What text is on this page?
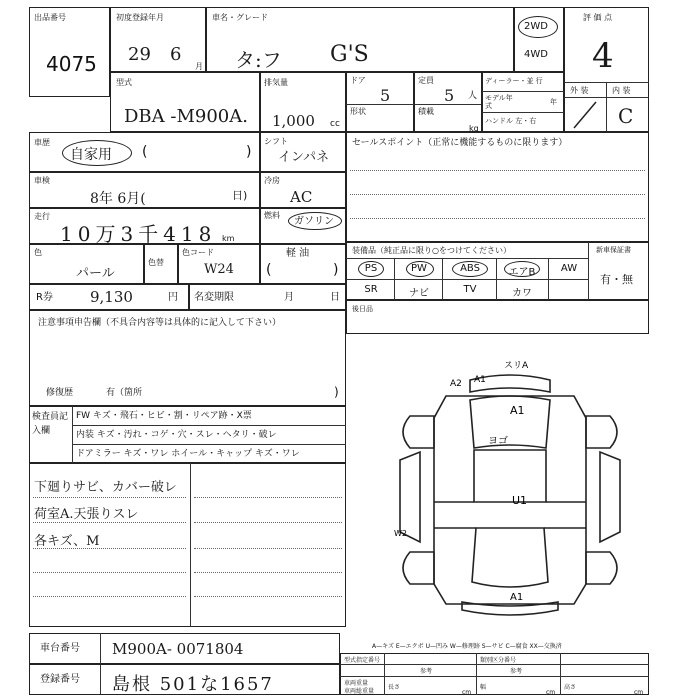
出品番号
4075
初度登録年月
29 6
月
車名・グレード
タ:フ G'S
2WD
4WD
評 価 点
4
外 装	内 装
C
型式
DBA -M900A.
排気量
1,000 cc
ドア
5
形状
定員
5 人
積載
kg
ディーラー・並 行
モデル年式	年
ハンドル 左・右
車歴
自家用 (	)
シフト
インパネ
車検
8年 6月(	日)
冷房
AC
走行
10万3千418 km
燃料
ガソリン
色
パール
色替
色コード
W24
軽 油
(	)
R券 9,130	円 名変期限	月	日
セールスポイント（正常に機能するものに限ります）
装備品（純正品に限り○をつけてください）	新車保証書
有・無
PS	PW	ABS	エアB	AW
SR	ナビ	TV	カワ
後日品
注意事項申告欄（不具合内容等は具体的に記入して下さい）
修復歴	有（箇所	)
検査員記入欄
FW キズ・飛石・ヒビ・割・リペア跡・X票
内装 キズ・汚れ・コゲ・穴・スレ・ヘタリ・破レ
ドアミラー キズ・ワレ ホイール・キャップ キズ・ワレ
下廻りサビ、カバー破レ
荷室A.天張りスレ
各キズ、M
A2 A1
スリA
A1
ヨゴ
U1
W2
A1
車台番号 M900A- 0071804
登録番号 島根 501な1657
A—キズ E—エクボ U—凹み W—修理跡 S—サビ C—腐食 XX—交換済
型式指定番号	類別区分番号
参考	参考
車両重量
車両総重量
長さ	幅	高さ
cm	cm	cm
